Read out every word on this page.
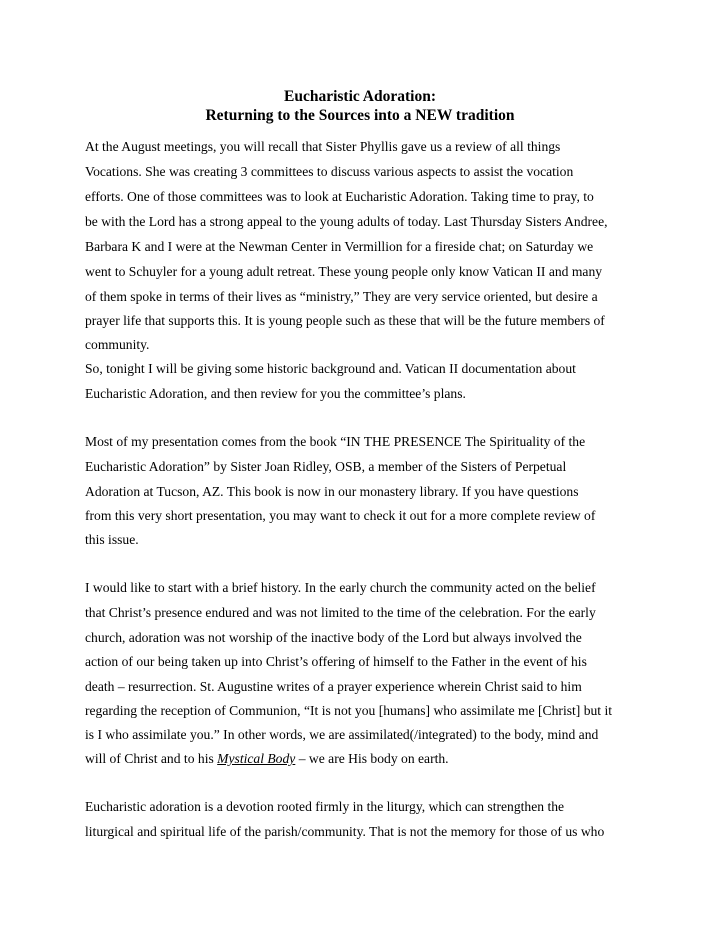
Eucharistic Adoration:
Returning to the Sources into a NEW tradition
At the August meetings, you will recall that Sister Phyllis gave us a review of all things
Vocations. She was creating 3 committees to discuss various aspects to assist the vocation
efforts. One of those committees was to look at Eucharistic Adoration. Taking time to pray, to
be with the Lord has a strong appeal to the young adults of today. Last Thursday Sisters Andree,
Barbara K and I were at the Newman Center in Vermillion for a fireside chat; on Saturday we
went to Schuyler for a young adult retreat. These young people only know Vatican II and many
of them spoke in terms of their lives as “ministry,” They are very service oriented, but desire a
prayer life that supports this. It is young people such as these that will be the future members of
community.
So, tonight I will be giving some historic background and. Vatican II documentation about
Eucharistic Adoration, and then review for you the committee’s plans.
Most of my presentation comes from the book “IN THE PRESENCE The Spirituality of the
Eucharistic Adoration” by Sister Joan Ridley, OSB, a member of the Sisters of Perpetual
Adoration at Tucson, AZ. This book is now in our monastery library. If you have questions
from this very short presentation, you may want to check it out for a more complete review of
this issue.
I would like to start with a brief history. In the early church the community acted on the belief
that Christ’s presence endured and was not limited to the time of the celebration. For the early
church, adoration was not worship of the inactive body of the Lord but always involved the
action of our being taken up into Christ’s offering of himself to the Father in the event of his
death – resurrection. St. Augustine writes of a prayer experience wherein Christ said to him
regarding the reception of Communion, “It is not you [humans] who assimilate me [Christ] but it
is I who assimilate you.” In other words, we are assimilated(/integrated) to the body, mind and
will of Christ and to his Mystical Body – we are His body on earth.
Eucharistic adoration is a devotion rooted firmly in the liturgy, which can strengthen the
liturgical and spiritual life of the parish/community. That is not the memory for those of us who
